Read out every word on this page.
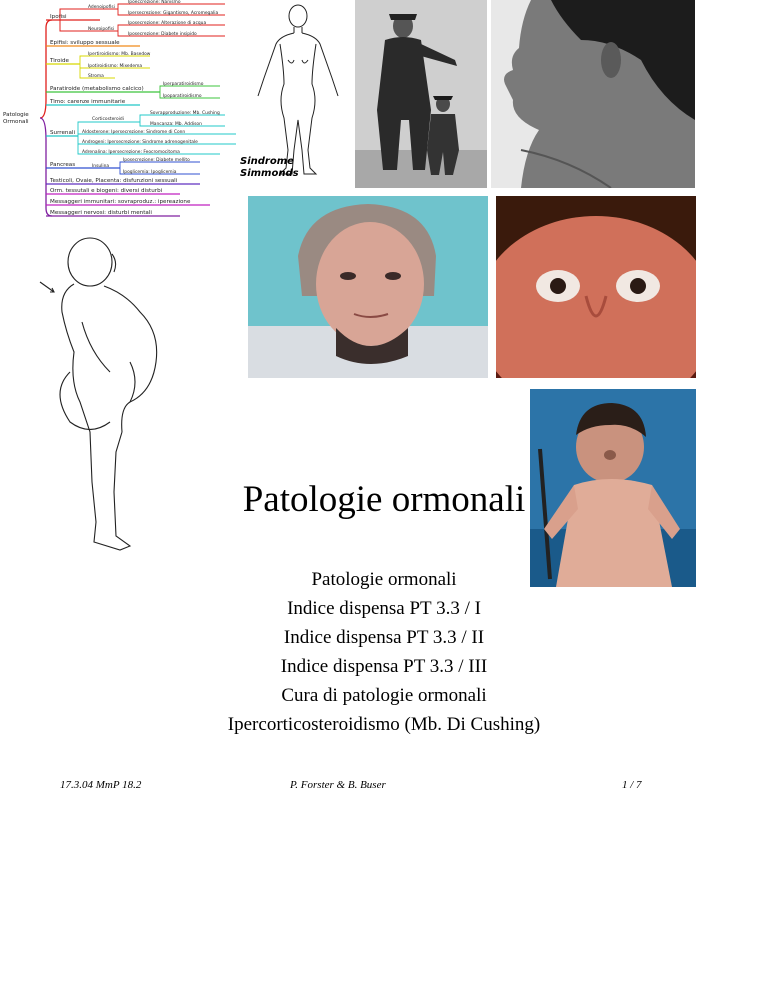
Patologie
Ormonali
Ipofisi
Adenoipofisi
Neuroipofisi
Ipoeccrezione: Nanismo
Ipersecrezione: Gigantismo, Acromegalia
Iposecrezione: Alterazione di acqua
Iposecrezione: Diabete insipido
Epifisi: sviluppo sessuale
Tiroide
Ipertiroidismo: Mb. Basedow
Ipotiroidismo: Mixedema
Stroma
Paratiroide (metabolismo calcico)
Iperparatiroidismo
Ipoparatiroidismo
Timo: carenze immunitarie
Surrenali
Corticosteroidi
Sovrapproduzione: Mb. Cushing
Mancanza: Mb. Addison
Aldosterone: Ipersecrezione: Sindrome di Conn
Androgeni: Ipersecrezione: Sindrome adrenogenitale
Adrenalina: Ipersecrezione: Feocromocitoma
Pancreas	Insulina
Iposecrezione: Diabete mellito
Ipoglicemia: Ipoglicemia
Testicoli, Ovaie, Placenta: disfunzioni sessuali
Orm. tessutali e biogeni: diversi disturbi
Messaggeri immunitari: sovraproduz.: ipereazione
Messaggeri nervosi: disturbi mentali
Sindrome
Simmonds
Patologie ormonali
Patologie ormonali
Indice dispensa PT 3.3 / I
Indice dispensa PT 3.3 / II
Indice dispensa PT 3.3 / III
Cura di patologie ormonali
Ipercorticosteroidismo (Mb. Di Cushing)
17.3.04 MmP 18.2	P. Forster & B. Buser	1 / 7
